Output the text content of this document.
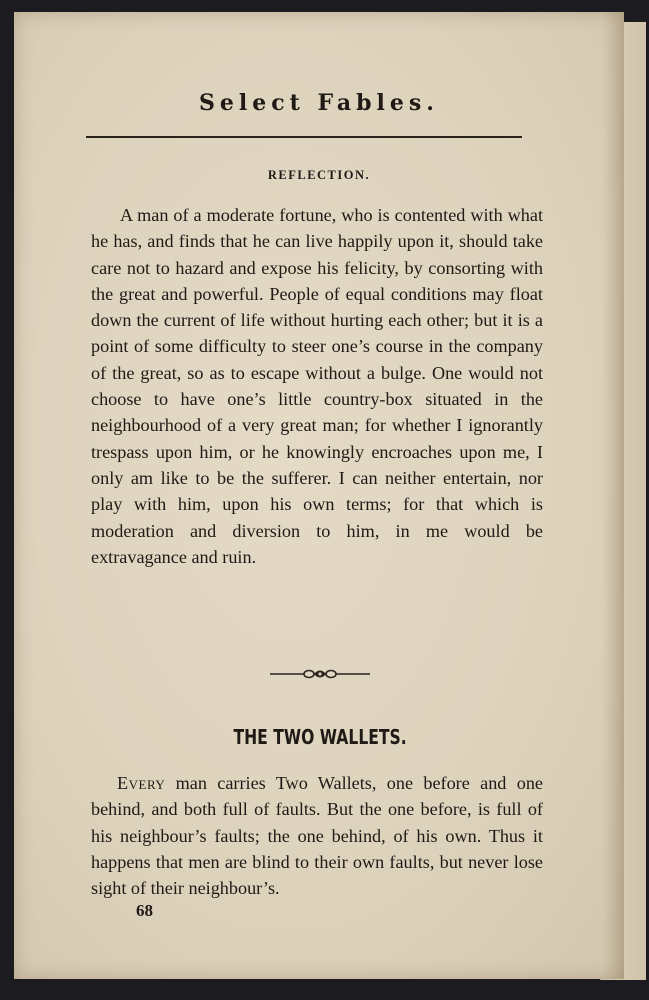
Select Fables.
REFLECTION.
A man of a moderate fortune, who is contented with what he has, and finds that he can live happily upon it, should take care not to hazard and expose his felicity, by consorting with the great and powerful. People of equal conditions may float down the current of life without hurting each other; but it is a point of some difficulty to steer one’s course in the company of the great, so as to escape without a bulge. One would not choose to have one’s little country-box situated in the neighbourhood of a very great man; for whether I ignorantly trespass upon him, or he knowingly encroaches upon me, I only am like to be the sufferer. I can neither entertain, nor play with him, upon his own terms; for that which is moderation and diversion to him, in me would be extravagance and ruin.
THE TWO WALLETS.
Every man carries Two Wallets, one before and one behind, and both full of faults. But the one before, is full of his neighbour’s faults; the one behind, of his own. Thus it happens that men are blind to their own faults, but never lose sight of their neighbour’s.
68
